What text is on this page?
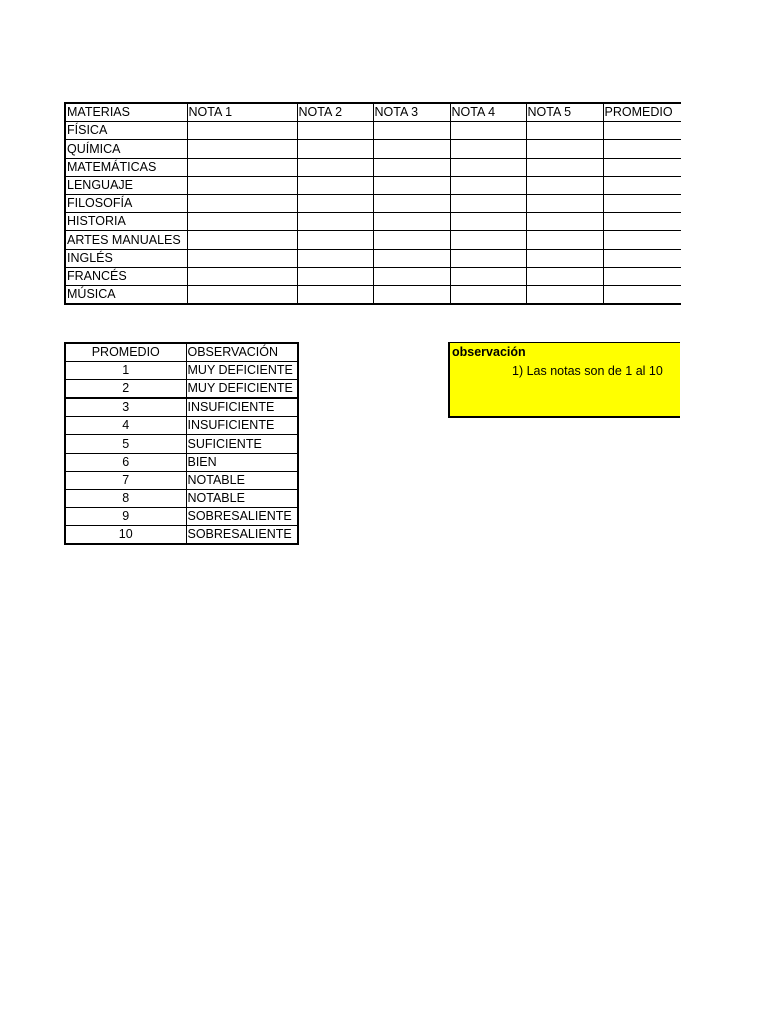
MATERIAS	NOTA 1	NOTA 2	NOTA 3	NOTA 4	NOTA 5	PROMEDIO
FÍSICA						
QUÍMICA						
MATEMÁTICAS						
LENGUAJE						
FILOSOFÍA						
HISTORIA						
ARTES MANUALES						
INGLÉS						
FRANCÉS						
MÚSICA						
PROMEDIO	OBSERVACIÓN
1	MUY DEFICIENTE
2	MUY DEFICIENTE
3	INSUFICIENTE
4	INSUFICIENTE
5	SUFICIENTE
6	BIEN
7	NOTABLE
8	NOTABLE
9	SOBRESALIENTE
10	SOBRESALIENTE
observación
1) Las notas son de 1 al 10
